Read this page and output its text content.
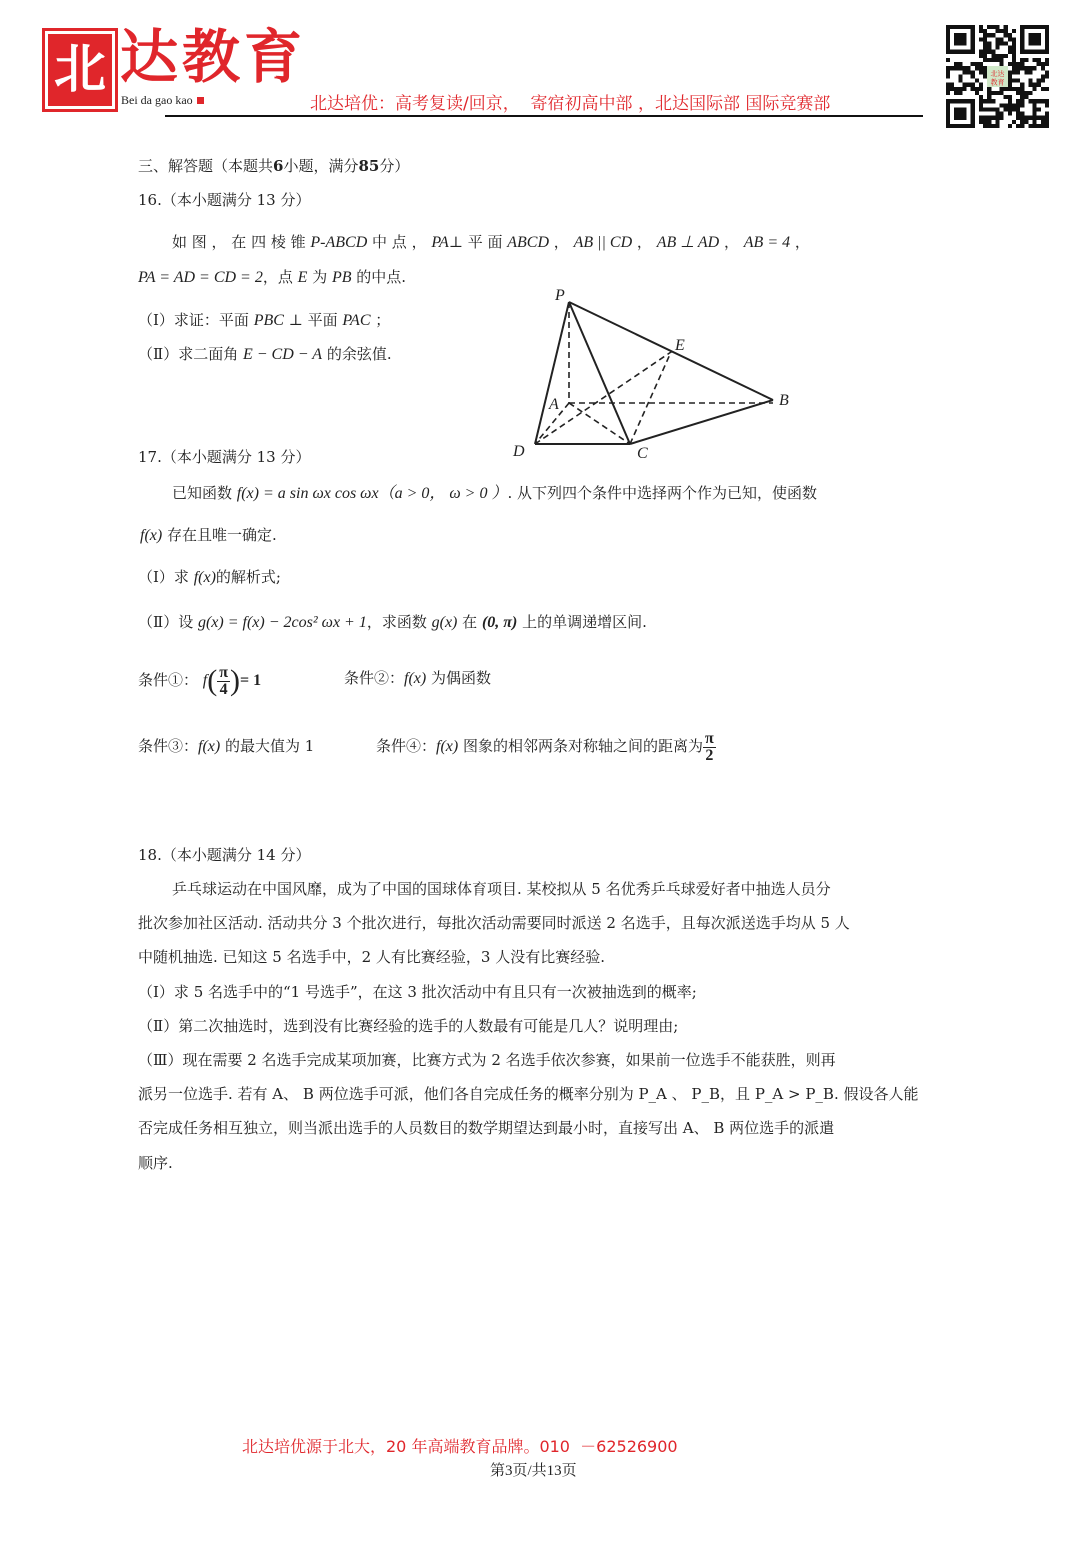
北 达教育
Bei da gao kao	北达培优：高考复读/回京，  寄宿初高中部 ，北达国际部 国际竞赛部
北达
教育
三、解答题（本题共6小题，满分85分）
16.（本小题满分 13 分）
如 图 ， 在 四 棱 锥 P-ABCD 中 点 ， PA⊥ 平 面 ABCD ， AB || CD ， AB ⊥ AD ， AB = 4 ，
PA = AD = CD = 2，点 E 为 PB 的中点.
（Ⅰ）求证：平面 PBC ⊥ 平面 PAC ；
（Ⅱ）求二面角 E − CD − A 的余弦值.
P
E
A	B
D	C
17.（本小题满分 13 分）
已知函数 f(x) = a sin ωx cos ωx（a > 0， ω > 0 ）. 从下列四个条件中选择两个作为已知，使函数
f(x) 存在且唯一确定.
（Ⅰ）求 f(x)的解析式;
（Ⅱ）设 g(x) = f(x) − 2cos² ωx + 1，求函数 g(x) 在 (0, π) 上的单调递增区间.
条件①： $f( \frac{\pi}{4}$ )= 1	条件②：f(x) 为偶函数
条件③：f(x) 的最大值为 1	条件④：f(x) 图象的相邻两条对称轴之间的距离为 $\frac{\pi}{2}$
18.（本小题满分 14 分）
乒乓球运动在中国风靡，成为了中国的国球体育项目. 某校拟从 5 名优秀乒乓球爱好者中抽选人员分
批次参加社区活动. 活动共分 3 个批次进行，每批次活动需要同时派送 2 名选手，且每次派送选手均从 5 人
中随机抽选. 已知这 5 名选手中，2 人有比赛经验，3 人没有比赛经验.
（Ⅰ）求 5 名选手中的“1 号选手”，在这 3 批次活动中有且只有一次被抽选到的概率;
（Ⅱ）第二次抽选时，选到没有比赛经验的选手的人数最有可能是几人？说明理由;
（Ⅲ）现在需要 2 名选手完成某项加赛，比赛方式为 2 名选手依次参赛，如果前一位选手不能获胜，则再
派另一位选手. 若有 A、 B 两位选手可派，他们各自完成任务的概率分别为 P_A 、 P_B，且 P_A > P_B. 假设各人能
否完成任务相互独立，则当派出选手的人员数目的数学期望达到最小时，直接写出 A、 B 两位选手的派遣
顺序.
北达培优源于北大，20 年高端教育品牌。010  －62526900
第3页/共13页
